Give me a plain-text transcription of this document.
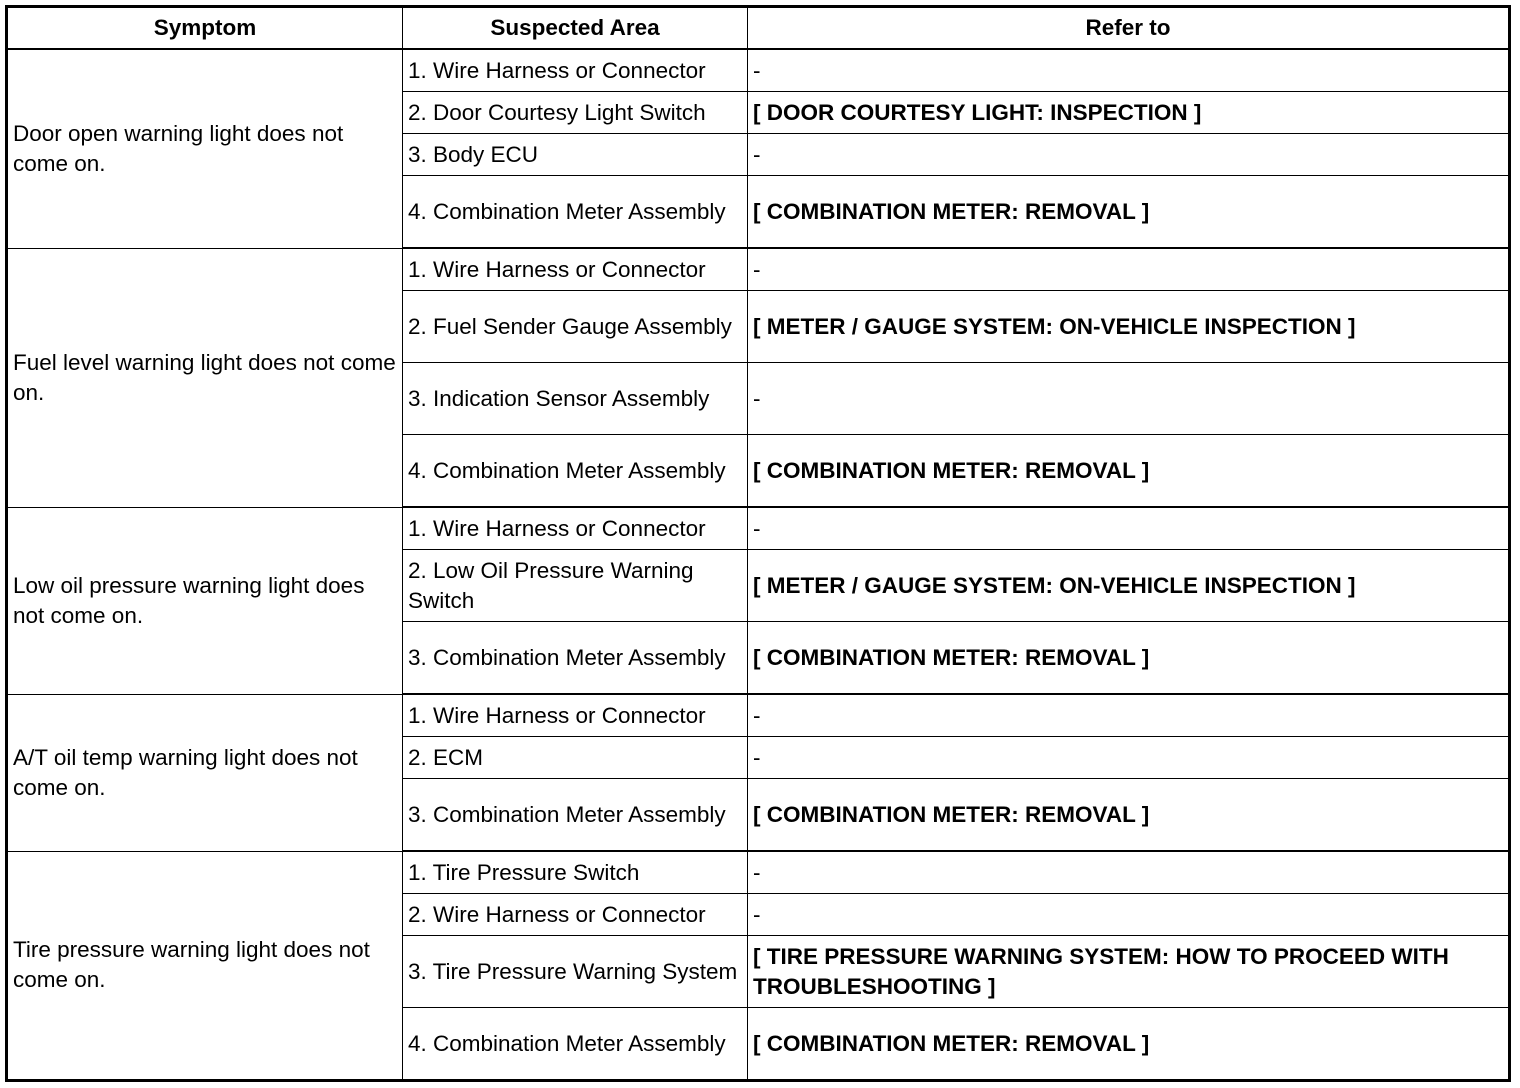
Symptom	Suspected Area	Refer to
Door open warning light does not come on.	1. Wire Harness or Connector	-
	2. Door Courtesy Light Switch	[ DOOR COURTESY LIGHT: INSPECTION ]
	3. Body ECU	-
	4. Combination Meter Assembly	[ COMBINATION METER: REMOVAL ]
Fuel level warning light does not come on.	1. Wire Harness or Connector	-
	2. Fuel Sender Gauge Assembly	[ METER / GAUGE SYSTEM: ON-VEHICLE INSPECTION ]
	3. Indication Sensor Assembly	-
	4. Combination Meter Assembly	[ COMBINATION METER: REMOVAL ]
Low oil pressure warning light does not come on.	1. Wire Harness or Connector	-
	2. Low Oil Pressure Warning Switch	[ METER / GAUGE SYSTEM: ON-VEHICLE INSPECTION ]
	3. Combination Meter Assembly	[ COMBINATION METER: REMOVAL ]
A/T oil temp warning light does not come on.	1. Wire Harness or Connector	-
	2. ECM	-
	3. Combination Meter Assembly	[ COMBINATION METER: REMOVAL ]
Tire pressure warning light does not come on.	1. Tire Pressure Switch	-
	2. Wire Harness or Connector	-
	3. Tire Pressure Warning System	[ TIRE PRESSURE WARNING SYSTEM: HOW TO PROCEED WITH TROUBLESHOOTING ]
	4. Combination Meter Assembly	[ COMBINATION METER: REMOVAL ]
